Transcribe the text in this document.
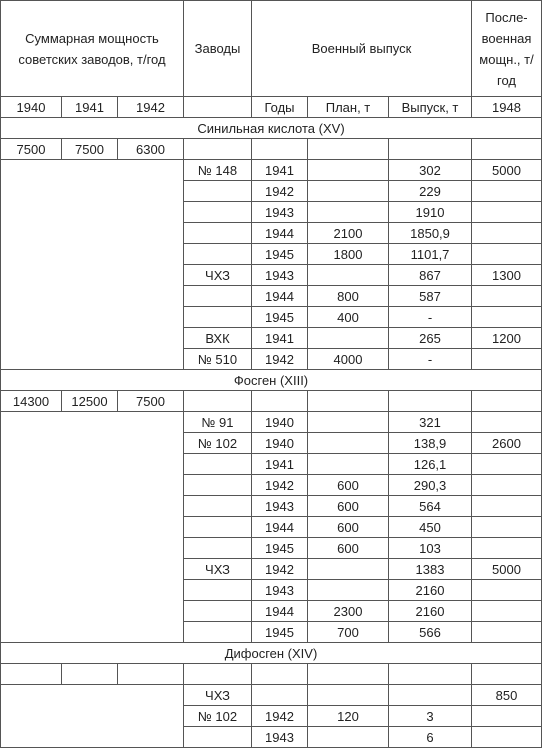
Суммарная мощность советских заводов, т/год			Заводы	Военный выпуск			После-военная мощн., т/год
1940	1941	1942		Годы	План, т	Выпуск, т	1948
Синильная кислота (XV)							
7500	7500	6300					
			№ 148	1941		302	5000
				1942		229	
				1943		1910	
				1944	2100	1850,9	
				1945	1800	1101,7	
			ЧХЗ	1943		867	1300
				1944	800	587	
				1945	400	-	
			ВХК	1941		265	1200
			№ 510	1942	4000	-	
Фосген (XIII)							
14300	12500	7500					
			№ 91	1940		321	
			№ 102	1940		138,9	2600
				1941		126,1	
				1942	600	290,3	
				1943	600	564	
				1944	600	450	
				1945	600	103	
			ЧХЗ	1942		1383	5000
				1943		2160	
				1944	2300	2160	
				1945	700	566	
Дифосген (XIV)							

			ЧХЗ				850
			№ 102	1942	120	3	
				1943		6	
